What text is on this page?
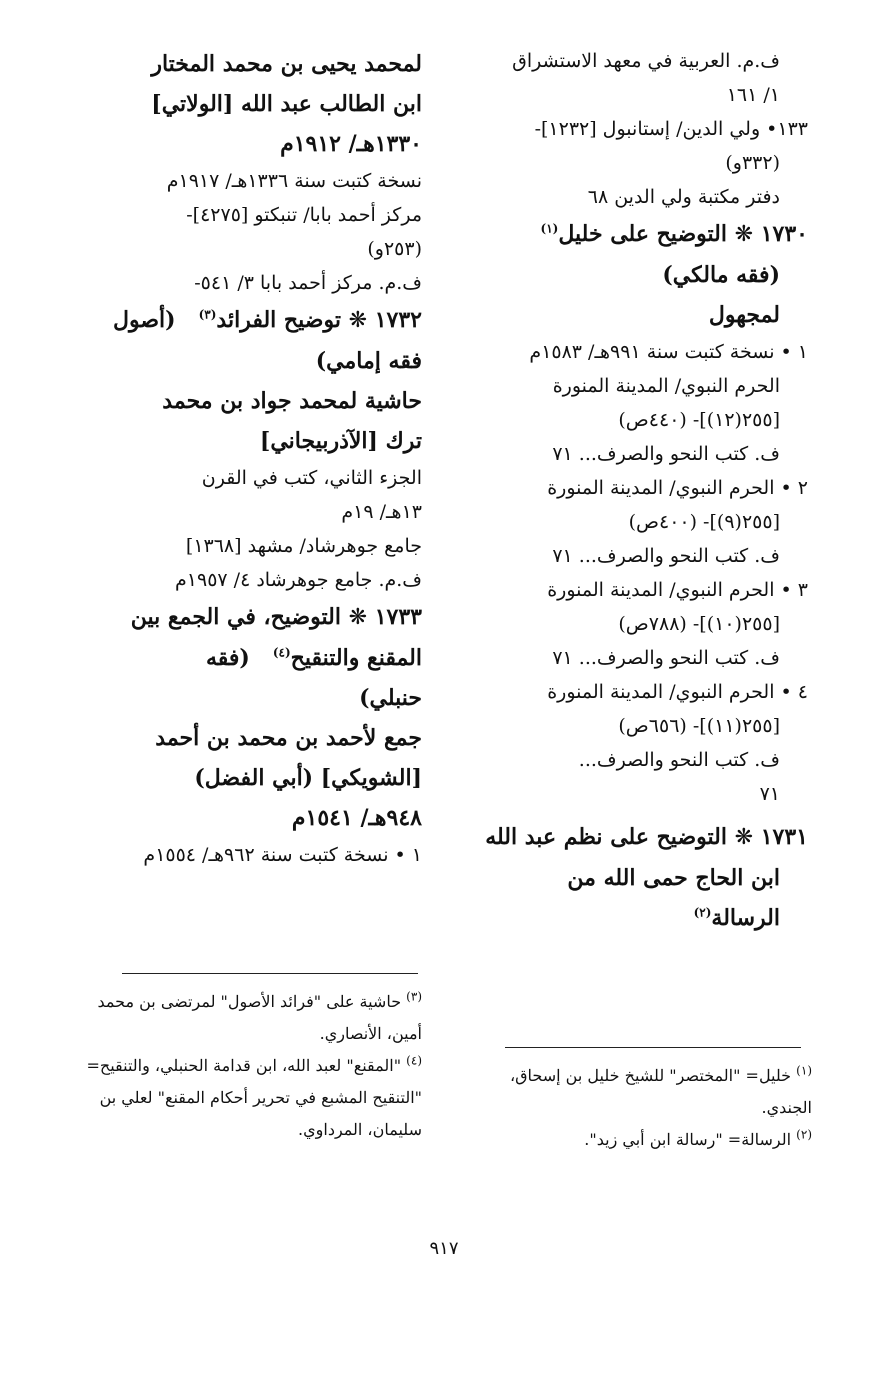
ف.م. العربية في معهد الاستشراق
١/ ١٦١
١٣٣• ولي الدين/ إستانبول [١٢٣٢]-
(٣٣٢و)
دفتر مكتبة ولي الدين ٦٨
١٧٣٠ ❋ التوضيح على خليل$^{(١)}$
(فقه مالكي)
لمجهول
١ • نسخة كتبت سنة ٩٩١هـ/ ١٥٨٣م
الحرم النبوي/ المدينة المنورة
[٢٥٥(١٢)]- (٤٤٠ص)
ف. كتب النحو والصرف... ٧١
٢ • الحرم النبوي/ المدينة المنورة
[٢٥٥(٩)]- (٤٠٠ص)
ف. كتب النحو والصرف... ٧١
٣ • الحرم النبوي/ المدينة المنورة
[٢٥٥(١٠)]- (٧٨٨ص)
ف. كتب النحو والصرف... ٧١
٤ • الحرم النبوي/ المدينة المنورة
[٢٥٥(١١)]- (٦٥٦ص)
ف. كتب النحو والصرف...
٧١
١٧٣١ ❋ التوضيح على نظم عبد الله
ابن الحاج حمى الله من
الرسالة$^{(٢)}$
لمحمد يحيى بن محمد المختار
ابن الطالب عبد الله [الولاتي]
١٣٣٠هـ/ ١٩١٢م
نسخة كتبت سنة ١٣٣٦هـ/ ١٩١٧م
مركز أحمد بابا/ تنبكتو [٤٢٧٥]-
(٢٥٣و)
ف.م. مركز أحمد بابا ٣/ ٥٤١-
١٧٣٢ ❋ توضيح الفرائد$^{(٣)}$   (أصول
فقه إمامي)
حاشية لمحمد جواد بن محمد
ترك [الآذربيجاني]
الجزء الثاني، كتب في القرن
١٣هـ/ ١٩م
جامع جوهرشاد/ مشهد [١٣٦٨]
ف.م. جامع جوهرشاد ٤/ ١٩٥٧م
١٧٣٣ ❋ التوضيح، في الجمع بين
المقنع والتنقيح$^{(٤)}$   (فقه
حنبلي)
جمع لأحمد بن محمد بن أحمد
[الشويكي] (أبي الفضل)
٩٤٨هـ/ ١٥٤١م
١ • نسخة كتبت سنة ٩٦٢هـ/ ١٥٥٤م
$^{(٣)}$ حاشية على "فرائد الأصول" لمرتضى بن محمد
أمين، الأنصاري.
$^{(٤)}$ "المقنع" لعبد الله، ابن قدامة الحنبلي، والتنقيح=
"التنقيح المشبع في تحرير أحكام المقنع" لعلي بن
سليمان، المرداوي.
$^{(١)}$ خليل= "المختصر" للشيخ خليل بن إسحاق،
الجندي.
$^{(٢)}$ الرسالة= "رسالة ابن أبي زيد".
٩١٧
